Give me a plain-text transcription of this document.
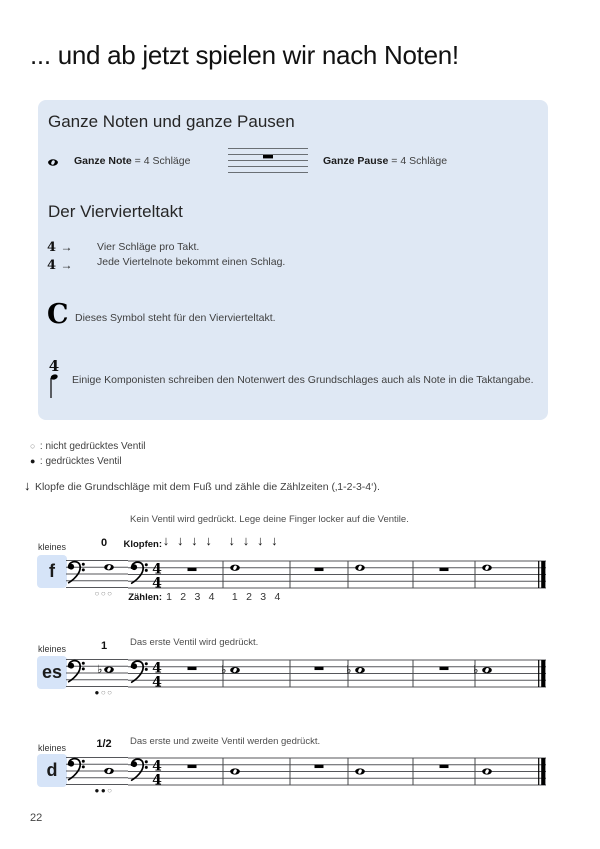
... und ab jetzt spielen wir nach Noten!
Ganze Noten und ganze Pausen
Ganze Note = 4 Schläge	Ganze Pause = 4 Schläge
Der Viervierteltakt
4 →
4 →
Vier Schläge pro Takt.
Jede Viertelnote bekommt einen Schlag.
C Dieses Symbol steht für den Viervierteltakt.
4
Einige Komponisten schreiben den Notenwert des Grundschlages auch als Note in die Taktangabe.
○ : nicht gedrücktes Ventil
● : gedrücktes Ventil
↓ Klopfe die Grundschläge mit dem Fuß und zähle die Zählzeiten (‚1-2-3-4‘).
Kein Ventil wird gedrückt. Lege deine Finger locker auf die Ventile.
Klopfen: ↓ ↓ ↓ ↓ ↓ ↓ ↓ ↓
kleines
f
0
○○○
4
4
Zählen: 1 2 3 4 1 2 3 4
Das erste Ventil wird gedrückt.
kleines
es
1
♭
●○○
4
4
♭	♭	♭
Das erste und zweite Ventil werden gedrückt.
kleines
d
1/2
●●○
4
4
22
